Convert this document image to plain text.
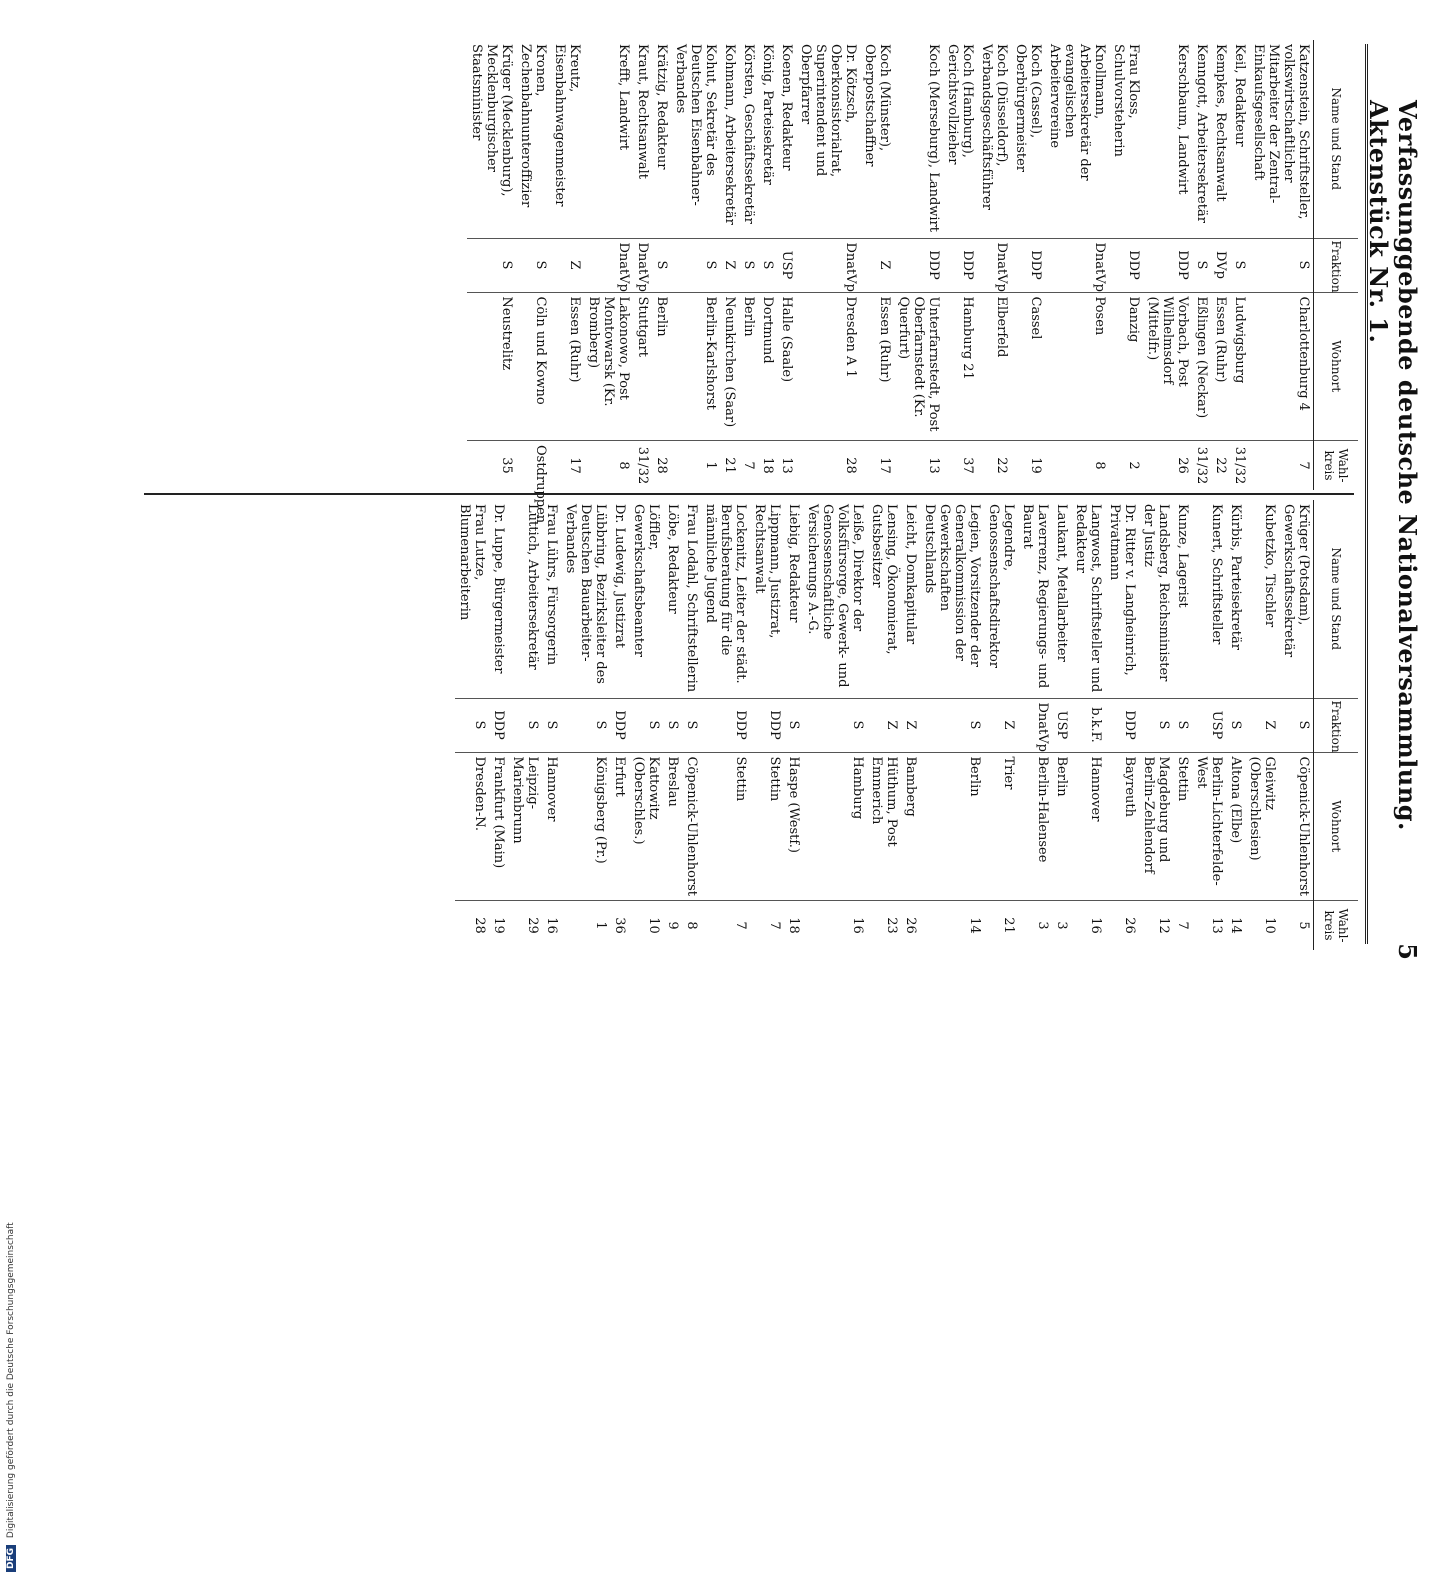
Verfassunggebende deutsche Nationalversammlung. Aktenstück Nr. 1.
5
Name und Stand	Fraktion	Wohnort	Wahl-kreis
Katzenstein, Schriftsteller, volkswirtschaftlicher Mitarbeiter der Zentral-Einkaufsgesellschaft	S	Charlottenburg 4	7
Keil, Redakteur	S	Ludwigsburg	31/32
Kempkes, Rechtsanwalt	DVp	Essen (Ruhr)	22
Kenngott, Arbeitersekretär	S	Eßlingen (Neckar)	31/32
Kerschbaum, Landwirt	DDP	Vorbach, Post Wilhelmsdorf (Mittelfr.)	26
Frau Kloss, Schulvorsteherin	DDP	Danzig	2
Knollmann, Arbeitersekretär der evangelischen Arbeitervereine	DnatVp	Posen	8
Koch (Cassel), Oberbürgermeister	DDP	Cassel	19
Koch (Düsseldorf), Verbandsgeschäftsführer	DnatVp	Elberfeld	22
Koch (Hamburg), Gerichtsvollzieher	DDP	Hamburg 21	37
Koch (Merseburg), Landwirt	DDP	Unterfarnstedt, Post Oberfarnstedt (Kr. Querfurt)	13
Koch (Münster), Oberpostschaffner	Z	Essen (Ruhr)	17
Dr. Kötzsch, Oberkonsistorialrat, Superintendent und Oberpfarrer	DnatVp	Dresden A 1	28
Koenen, Redakteur	USP	Halle (Saale)	13
König, Parteisekretär	S	Dortmund	18
Körsten, Geschäftssekretär	S	Berlin	7
Kohmann, Arbeitersekretär	Z	Neunkirchen (Saar)	21
Kohut, Sekretär des Deutschen Eisenbahner-Verbandes	S	Berlin-Karlshorst	1
Krätzig, Redakteur	S	Berlin	28
Kraut, Rechtsanwalt	DnatVp	Stuttgart	31/32
Krefft, Landwirt	DnatVp	Lakonowo, Post Montowarsk (Kr. Bromberg)	8
Kreutz, Eisenbahnwagenmeister	Z	Essen (Ruhr)	17
Kronen, Zechenbahnunteroffizier	S	Cöln und Kowno	Ostdruppen
Krüger (Mecklenburg), Mecklenburgischer Staatsminister	S	Neustrelitz	35
Name und Stand	Fraktion	Wohnort	Wahl-kreis
Krüger (Potsdam), Gewerkschaftssekretär	S	Cöpenick-Uhlenhorst	5
Kubetzko, Tischler	Z	Gleiwitz (Oberschlesien)	10
Kürbis, Parteisekretär	S	Altona (Elbe)	14
Kunert, Schriftsteller	USP	Berlin-Lichterfelde-West	13
Kunze, Lagerist	S	Stettin	7
Landsberg, Reichsminister der Justiz	S	Magdeburg und Berlin-Zehlendorf	12
Dr. Ritter v. Langheinrich, Privatmann	DDP	Bayreuth	26
Langwost, Schriftsteller und Redakteur	b.k.F.	Hannover	16
Laukant, Metallarbeiter	USP	Berlin	3
Laverrenz, Regierungs- und Baurat	DnatVp	Berlin-Halensee	3
Legendre, Genossenschaftsdirektor	Z	Trier	21
Legien, Vorsitzender der Generalkommission der Gewerkschaften Deutschlands	S	Berlin	14
Leicht, Domkapitular	Z	Bamberg	26
Lensing, Ökonomierat, Gutsbesitzer	Z	Hüthum, Post Emmerich	23
Leiße, Direktor der Volksfürsorge, Gewerk- und Genossenschaftliche Versicherungs A.-G.	S	Hamburg	16
Liebig, Redakteur	S	Haspe (Westf.)	18
Lippmann, Justizrat, Rechtsanwalt	DDP	Stettin	7
Lockenitz, Leiter der städt. Berufsberatung für die männliche Jugend	DDP	Stettin	7
Frau Lodahl, Schriftstellerin	S	Cöpenick-Uhlenhorst	8
Löbe, Redakteur	S	Breslau	9
Löffler, Gewerkschaftsbeamter	S	Kattowitz (Oberschles.)	10
Dr. Ludewig, Justizrat	DDP	Erfurt	36
Lübbring, Bezirksleiter des Deutschen Bauarbeiter-Verbandes	S	Königsberg (Pr.)	1
Frau Lührs, Fürsorgerin	S	Hannover	16
Lüttich, Arbeitersekretär	S	Leipzig-Marienbrunn	29
Dr. Luppe, Bürgermeister	DDP	Frankfurt (Main)	19
Frau Lutze, Blumenarbeiterin	S	Dresden-N.	28
DFG Digitalisierung gefördert durch die Deutsche Forschungsgemeinschaft
